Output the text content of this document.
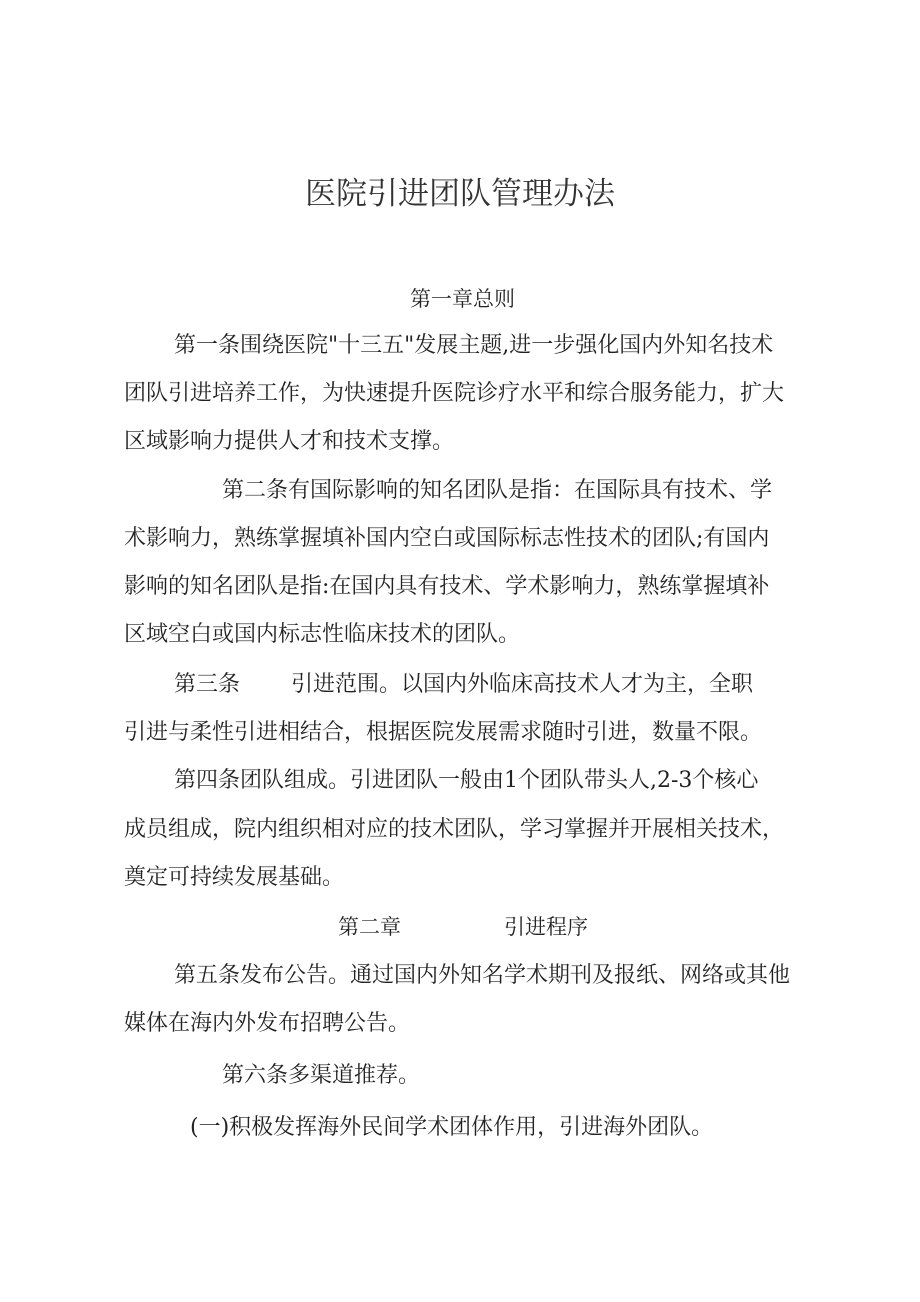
医院引进团队管理办法

第一章总则

第一条围绕医院"十三五"发展主题,进一步强化国内外知名技术

团队引进培养工作，为快速提升医院诊疗水平和综合服务能力，扩大

区域影响力提供人才和技术支撑。

第二条有国际影响的知名团队是指：在国际具有技术、学

术影响力，熟练掌握填补国内空白或国际标志性技术的团队;有国内

影响的知名团队是指:在国内具有技术、学术影响力，熟练掌握填补

区域空白或国内标志性临床技术的团队。

第三条 引进范围。以国内外临床高技术人才为主，全职

引进与柔性引进相结合，根据医院发展需求随时引进，数量不限。

第四条团队组成。引进团队一般由1个团队带头人,2-3个核心

成员组成，院内组织相对应的技术团队，学习掌握并开展相关技术，

奠定可持续发展基础。

第二章	引进程序

第五条发布公告。通过国内外知名学术期刊及报纸、网络或其他

媒体在海内外发布招聘公告。

第六条多渠道推荐。

(一)积极发挥海外民间学术团体作用，引进海外团队。
